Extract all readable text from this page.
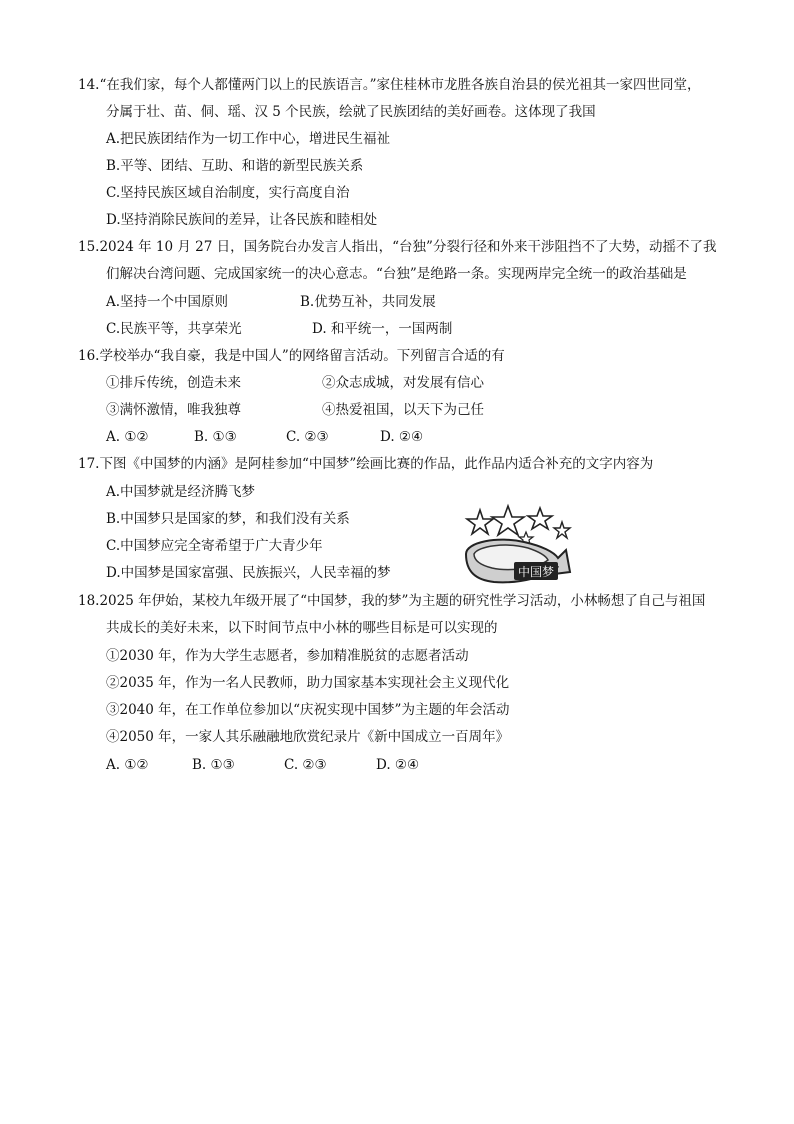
14.“在我们家，每个人都懂两门以上的民族语言。”家住桂林市龙胜各族自治县的侯光祖其一家四世同堂，
分属于壮、苗、侗、瑶、汉 5 个民族，绘就了民族团结的美好画卷。这体现了我国
A.把民族团结作为一切工作中心，增进民生福祉
B.平等、团结、互助、和谐的新型民族关系
C.坚持民族区域自治制度，实行高度自治
D.坚持消除民族间的差异，让各民族和睦相处
15.2024 年 10 月 27 日，国务院台办发言人指出，“台独”分裂行径和外来干涉阻挡不了大势，动摇不了我
们解决台湾问题、完成国家统一的决心意志。“台独”是绝路一条。实现两岸完全统一的政治基础是
A.坚持一个中国原则	B.优势互补，共同发展
C.民族平等，共享荣光	D. 和平统一，一国两制
16.学校举办“我自豪，我是中国人”的网络留言活动。下列留言合适的有
①排斥传统，创造未来	②众志成城，对发展有信心
③满怀激情，唯我独尊	④热爱祖国，以天下为己任
A. ①②	B. ①③	C. ②③	D. ②④
17.下图《中国梦的内涵》是阿桂参加“中国梦”绘画比赛的作品，此作品内适合补充的文字内容为
A.中国梦就是经济腾飞梦
B.中国梦只是国家的梦，和我们没有关系
C.中国梦应完全寄希望于广大青少年
D.中国梦是国家富强、民族振兴，人民幸福的梦	中国梦
18.2025 年伊始，某校九年级开展了“中国梦，我的梦”为主题的研究性学习活动，小林畅想了自己与祖国
共成长的美好未来，以下时间节点中小林的哪些目标是可以实现的
①2030 年，作为大学生志愿者，参加精准脱贫的志愿者活动
②2035 年，作为一名人民教师，助力国家基本实现社会主义现代化
③2040 年，在工作单位参加以“庆祝实现中国梦”为主题的年会活动
④2050 年，一家人其乐融融地欣赏纪录片《新中国成立一百周年》
A. ①②	B. ①③	C. ②③	D. ②④
